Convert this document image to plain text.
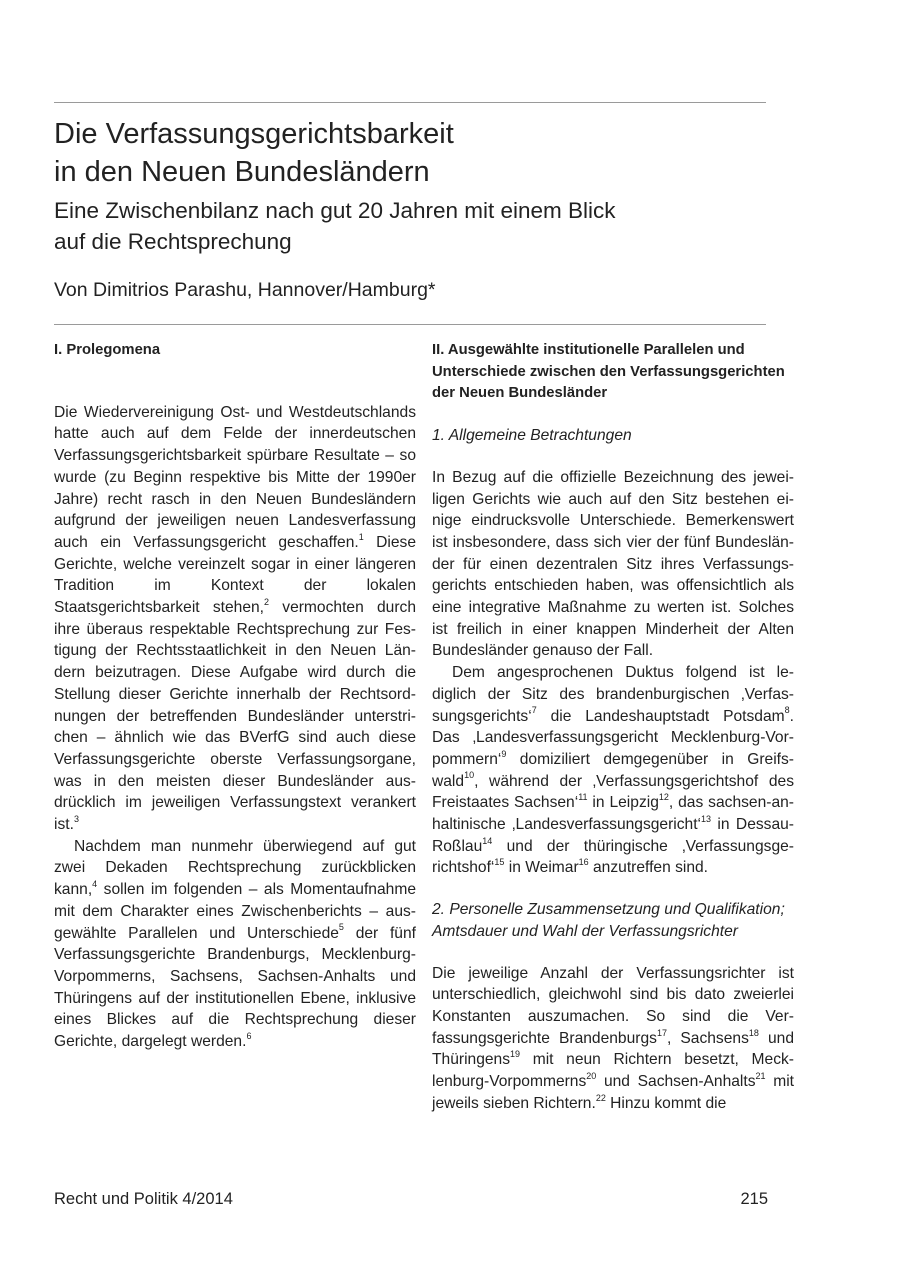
Die Verfassungsgerichtsbarkeit
in den Neuen Bundesländern
Eine Zwischenbilanz nach gut 20 Jahren mit einem Blick
auf die Rechtsprechung
Von Dimitrios Parashu, Hannover/Hamburg*
I. Prolegomena

Die Wiedervereinigung Ost- und Westdeutschlands hatte auch auf dem Felde der innerdeutschen Verfassungsgerichtsbarkeit spürbare Resultate – so wurde (zu Beginn respektive bis Mitte der 1990er Jahre) recht rasch in den Neuen Bundesländern aufgrund der jeweiligen neuen Landesverfassung auch ein Verfassungsgericht geschaffen.$^1$ Diese Gerichte, welche vereinzelt sogar in einer längeren Tradition im Kontext der lokalen Staatsgerichtsbarkeit stehen,$^2$ vermochten durch ihre überaus respektable Rechtsprechung zur Festigung der Rechtsstaatlichkeit in den Neuen Ländern beizutragen. Diese Aufgabe wird durch die Stellung dieser Gerichte innerhalb der Rechtsordnungen der betreffenden Bundesländer unterstrichen – ähnlich wie das BVerfG sind auch diese Verfassungsgerichte oberste Verfassungsorgane, was in den meisten dieser Bundesländer ausdrücklich im jeweiligen Verfassungstext verankert ist.$^3$

Nachdem man nunmehr überwiegend auf gut zwei Dekaden Rechtsprechung zurückblicken kann,$^4$ sollen im folgenden – als Momentaufnahme mit dem Charakter eines Zwischenberichts – ausgewählte Parallelen und Unterschiede$^5$ der fünf Verfassungsgerichte Brandenburgs, Mecklenburg-Vorpommerns, Sachsens, Sachsen-Anhalts und Thüringens auf der institutionellen Ebene, inklusive eines Blickes auf die Rechtsprechung dieser Gerichte, dargelegt werden.$^6$

II. Ausgewählte institutionelle Parallelen und Unterschiede zwischen den Verfassungsgerichten der Neuen Bundesländer
1. Allgemeine Betrachtungen

In Bezug auf die offizielle Bezeichnung des jeweiligen Gerichts wie auch auf den Sitz bestehen einige eindrucksvolle Unterschiede. Bemerkenswert ist insbesondere, dass sich vier der fünf Bundesländer für einen dezentralen Sitz ihres Verfassungsgerichts entschieden haben, was offensichtlich als eine integrative Maßnahme zu werten ist. Solches ist freilich in einer knappen Minderheit der Alten Bundesländer genauso der Fall.

Dem angesprochenen Duktus folgend ist lediglich der Sitz des brandenburgischen ‚Verfassungsgerichts‘$^7$ die Landeshauptstadt Potsdam$^8$. Das ‚Landesverfassungsgericht Mecklenburg-Vorpommern‘$^9$ domiziliert demgegenüber in Greifswald$^{10}$, während der ‚Verfassungsgerichtshof des Freistaates Sachsen‘$^{11}$ in Leipzig$^{12}$, das sachsen-anhaltinische ‚Landesverfassungsgericht‘$^{13}$ in Dessau-Roßlau$^{14}$ und der thüringische ‚Verfassungsgerichtshof‘$^{15}$ in Weimar$^{16}$ anzutreffen sind.

2. Personelle Zusammensetzung und Qualifikation; Amtsdauer und Wahl der Verfassungsrichter

Die jeweilige Anzahl der Verfassungsrichter ist unterschiedlich, gleichwohl sind bis dato zweierlei Konstanten auszumachen. So sind die Verfassungsgerichte Brandenburgs$^{17}$, Sachsens$^{18}$ und Thüringens$^{19}$ mit neun Richtern besetzt, Mecklenburg-Vorpommerns$^{20}$ und Sachsen-Anhalts$^{21}$ mit jeweils sieben Richtern.$^{22}$ Hinzu kommt die

Recht und Politik 4/2014	215
